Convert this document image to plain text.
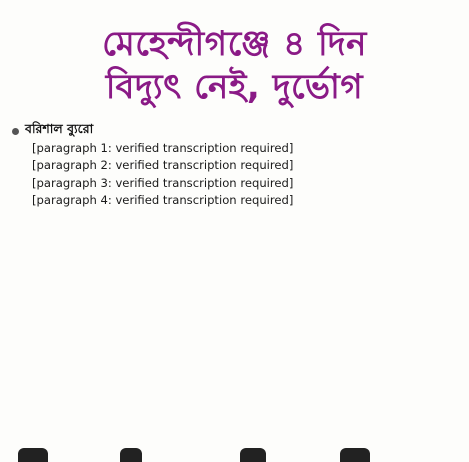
মেহেন্দীগঞ্জে ৪ দিন
বিদ্যুৎ নেই, দুর্ভোগ
বরিশাল ব্যুরো

[paragraph 1: verified transcription required]

[paragraph 2: verified transcription required]

[paragraph 3: verified transcription required]

[paragraph 4: verified transcription required]
